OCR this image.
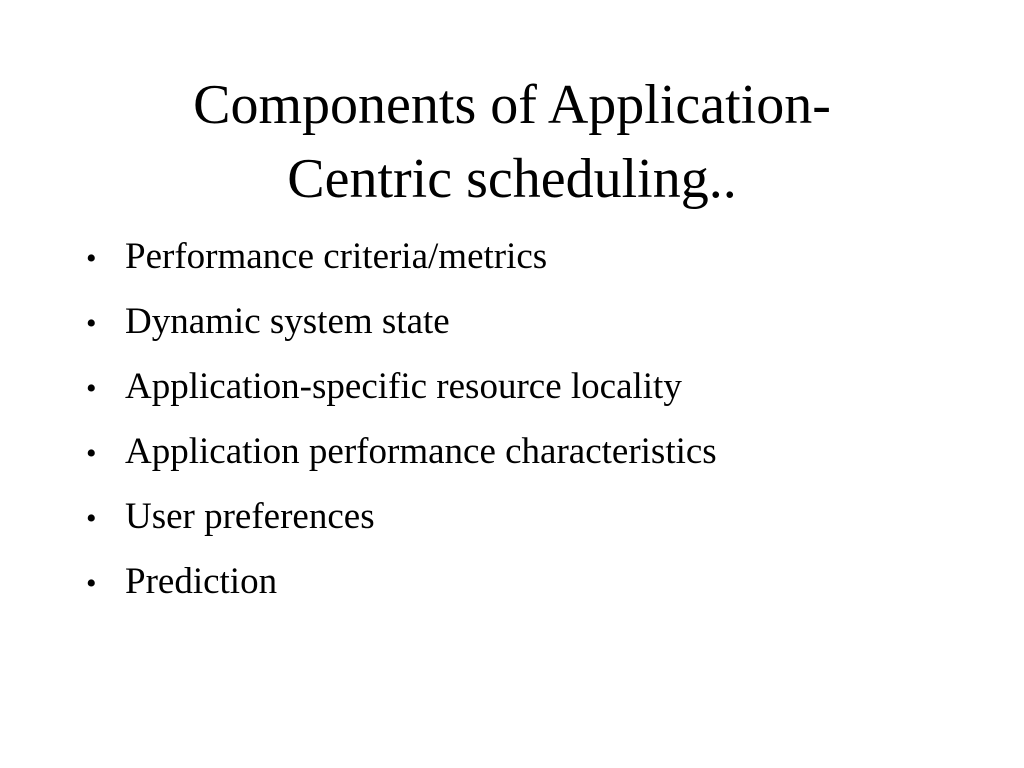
Components of Application-
Centric scheduling..
• Performance criteria/metrics
• Dynamic system state
• Application-specific resource locality
• Application performance characteristics
• User preferences
• Prediction
